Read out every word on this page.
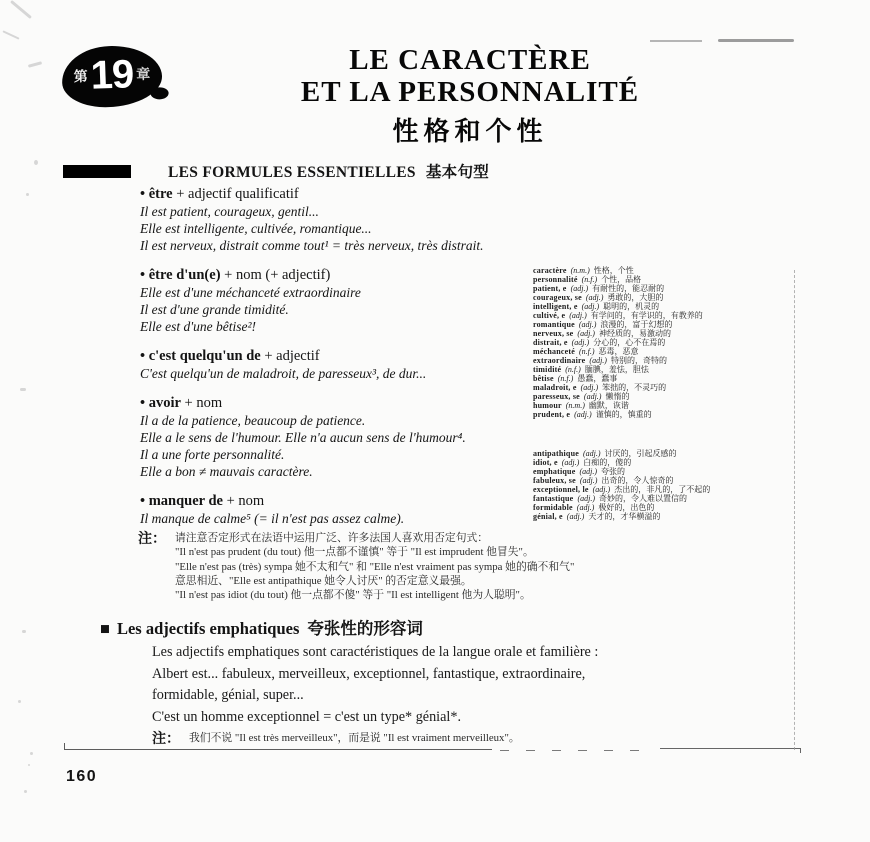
第 19 章	LE CARACTÈRE
ET LA PERSONNALITÉ
性格和个性
LES FORMULES ESSENTIELLES 基本句型
• être + adjectif qualificatif
Il est patient, courageux, gentil...
Elle est intelligente, cultivée, romantique...
Il est nerveux, distrait comme tout¹ = très nerveux, très distrait.
• être d'un(e) + nom (+ adjectif)
Elle est d'une méchanceté extraordinaire
Il est d'une grande timidité.
Elle est d'une bêtise²!
• c'est quelqu'un de + adjectif
C'est quelqu'un de maladroit, de paresseux³, de dur...
• avoir + nom
Il a de la patience, beaucoup de patience.
Elle a le sens de l'humour. Elle n'a aucun sens de l'humour⁴.
Il a une forte personnalité.
Elle a bon ≠ mauvais caractère.
• manquer de + nom
Il manque de calme⁵ (= il n'est pas assez calme).
caractère (n.m.) 性格，个性
personnalité (n.f.) 个性，品格
patient, e (adj.) 有耐性的，能忍耐的
courageux, se (adj.) 勇敢的，大胆的
intelligent, e (adj.) 聪明的，机灵的
cultivé, e (adj.) 有学问的，有学识的，有教养的
romantique (adj.) 浪漫的，富于幻想的
nerveux, se (adj.) 神经质的，易激动的
distrait, e (adj.) 分心的，心不在焉的
méchanceté (n.f.) 恶毒，恶意
extraordinaire (adj.) 特别的，奇特的
timidité (n.f.) 腼腆，羞怯，胆怯
bêtise (n.f.) 愚蠢，蠢事
maladroit, e (adj.) 笨拙的，不灵巧的
paresseux, se (adj.) 懒惰的
humour (n.m.) 幽默，诙谐
prudent, e (adj.) 谨慎的，慎重的
antipathique (adj.) 讨厌的，引起反感的
idiot, e (adj.) 白痴的，傻的
emphatique (adj.) 夸张的
fabuleux, se (adj.) 出奇的，令人惊奇的
exceptionnel, le (adj.) 杰出的，非凡的，了不起的
fantastique (adj.) 奇妙的，令人难以置信的
formidable (adj.) 极好的，出色的
génial, e (adj.) 天才的，才华横溢的
注： 请注意否定形式在法语中运用广泛、许多法国人喜欢用否定句式：
"Il n'est pas prudent (du tout) 他一点都不谨慎" 等于 "Il est imprudent 他冒失"。
"Elle n'est pas (très) sympa 她不太和气" 和 "Elle n'est vraiment pas sympa 她的确不和气"
意思相近、"Elle est antipathique 她令人讨厌" 的否定意义最强。
"Il n'est pas idiot (du tout) 他一点都不傻" 等于 "Il est intelligent 他为人聪明"。
■ Les adjectifs emphatiques 夸张性的形容词
Les adjectifs emphatiques sont caractéristiques de la langue orale et familière :
Albert est... fabuleux, merveilleux, exceptionnel, fantastique, extraordinaire,
formidable, génial, super...
C'est un homme exceptionnel = c'est un type* génial*.
注： 我们不说 "Il est très merveilleux"，而是说 "Il est vraiment merveilleux"。
160
